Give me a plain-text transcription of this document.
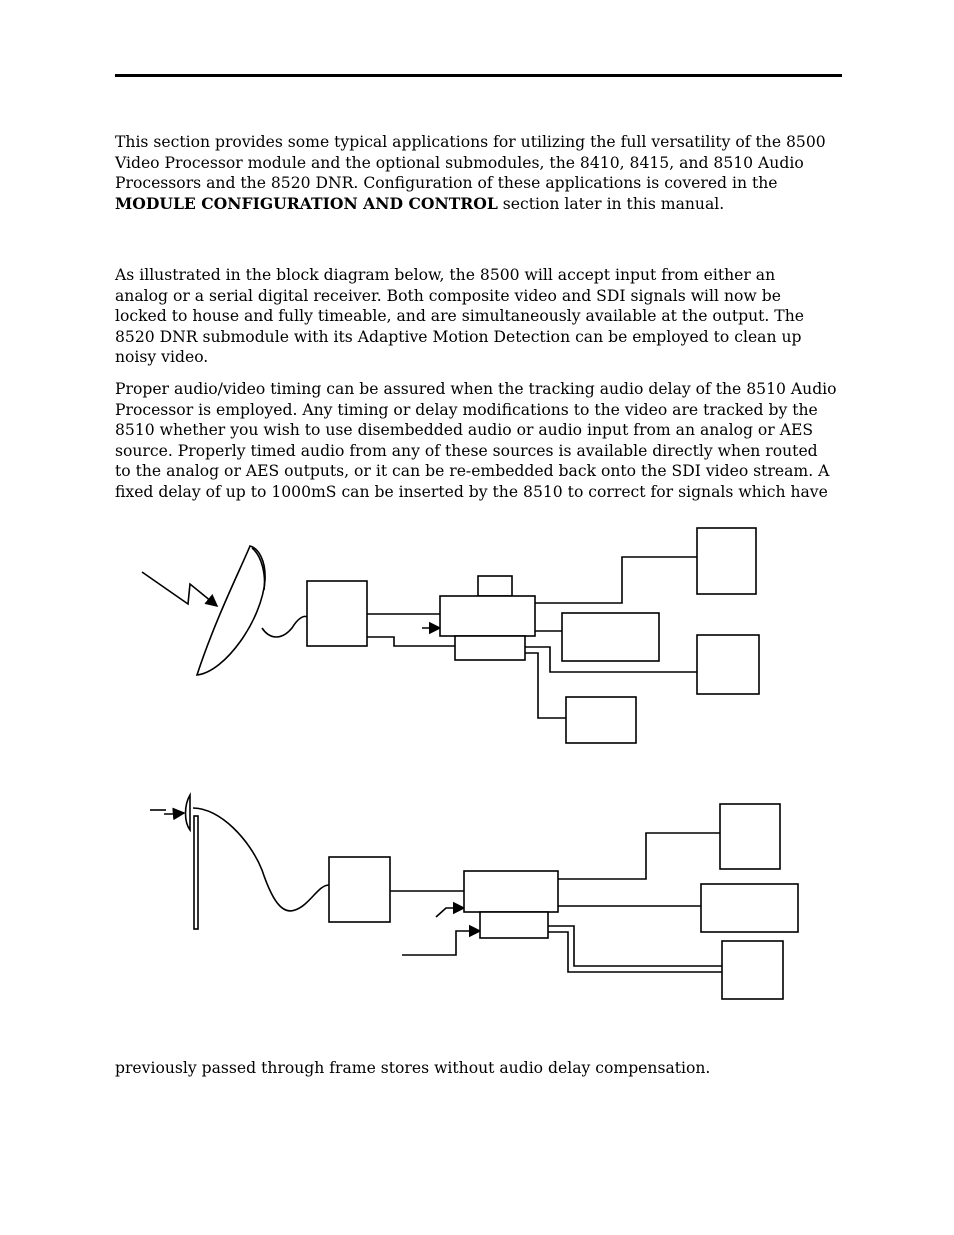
This section provides some typical applications for utilizing the full versatility of the 8500
Video Processor module and the optional submodules, the 8410, 8415, and 8510 Audio
Processors and the 8520 DNR. Configuration of these applications is covered in the
MODULE CONFIGURATION AND CONTROL section later in this manual.

As illustrated in the block diagram below, the 8500 will accept input from either an
analog or a serial digital receiver. Both composite video and SDI signals will now be
locked to house and fully timeable, and are simultaneously available at the output. The
8520 DNR submodule with its Adaptive Motion Detection can be employed to clean up
noisy video.

Proper audio/video timing can be assured when the tracking audio delay of the 8510 Audio
Processor is employed. Any timing or delay modifications to the video are tracked by the
8510 whether you wish to use disembedded audio or audio input from an analog or AES
source. Properly timed audio from any of these sources is available directly when routed
to the analog or AES outputs, or it can be re-embedded back onto the SDI video stream. A
fixed delay of up to 1000mS can be inserted by the 8510 to correct for signals which have

previously passed through frame stores without audio delay compensation.
